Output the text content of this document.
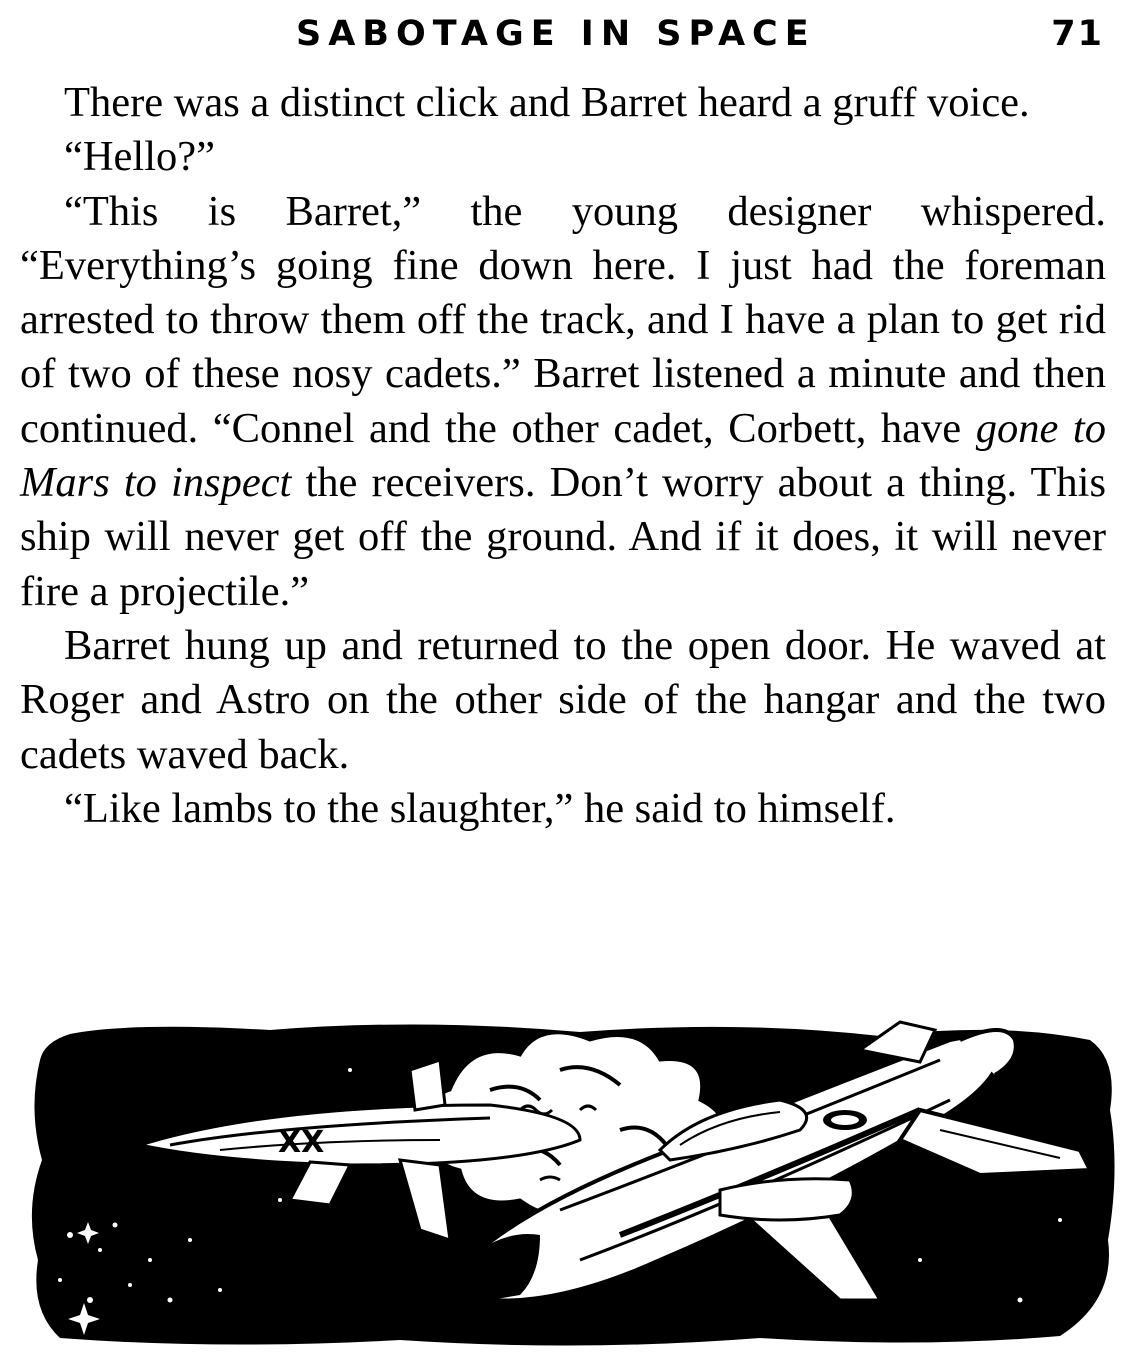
SABOTAGE IN SPACE	71

There was a distinct click and Barret heard a gruff voice.

“Hello?”

“This is Barret,” the young designer whispered. “Everything’s going fine down here. I just had the foreman arrested to throw them off the track, and I have a plan to get rid of two of these nosy cadets.” Barret listened a minute and then continued. “Connel and the other cadet, Corbett, have gone to Mars to inspect the receivers. Don’t worry about a thing. This ship will never get off the ground. And if it does, it will never fire a projectile.”

Barret hung up and returned to the open door. He waved at Roger and Astro on the other side of the hangar and the two cadets waved back.

“Like lambs to the slaughter,” he said to himself.

XX
